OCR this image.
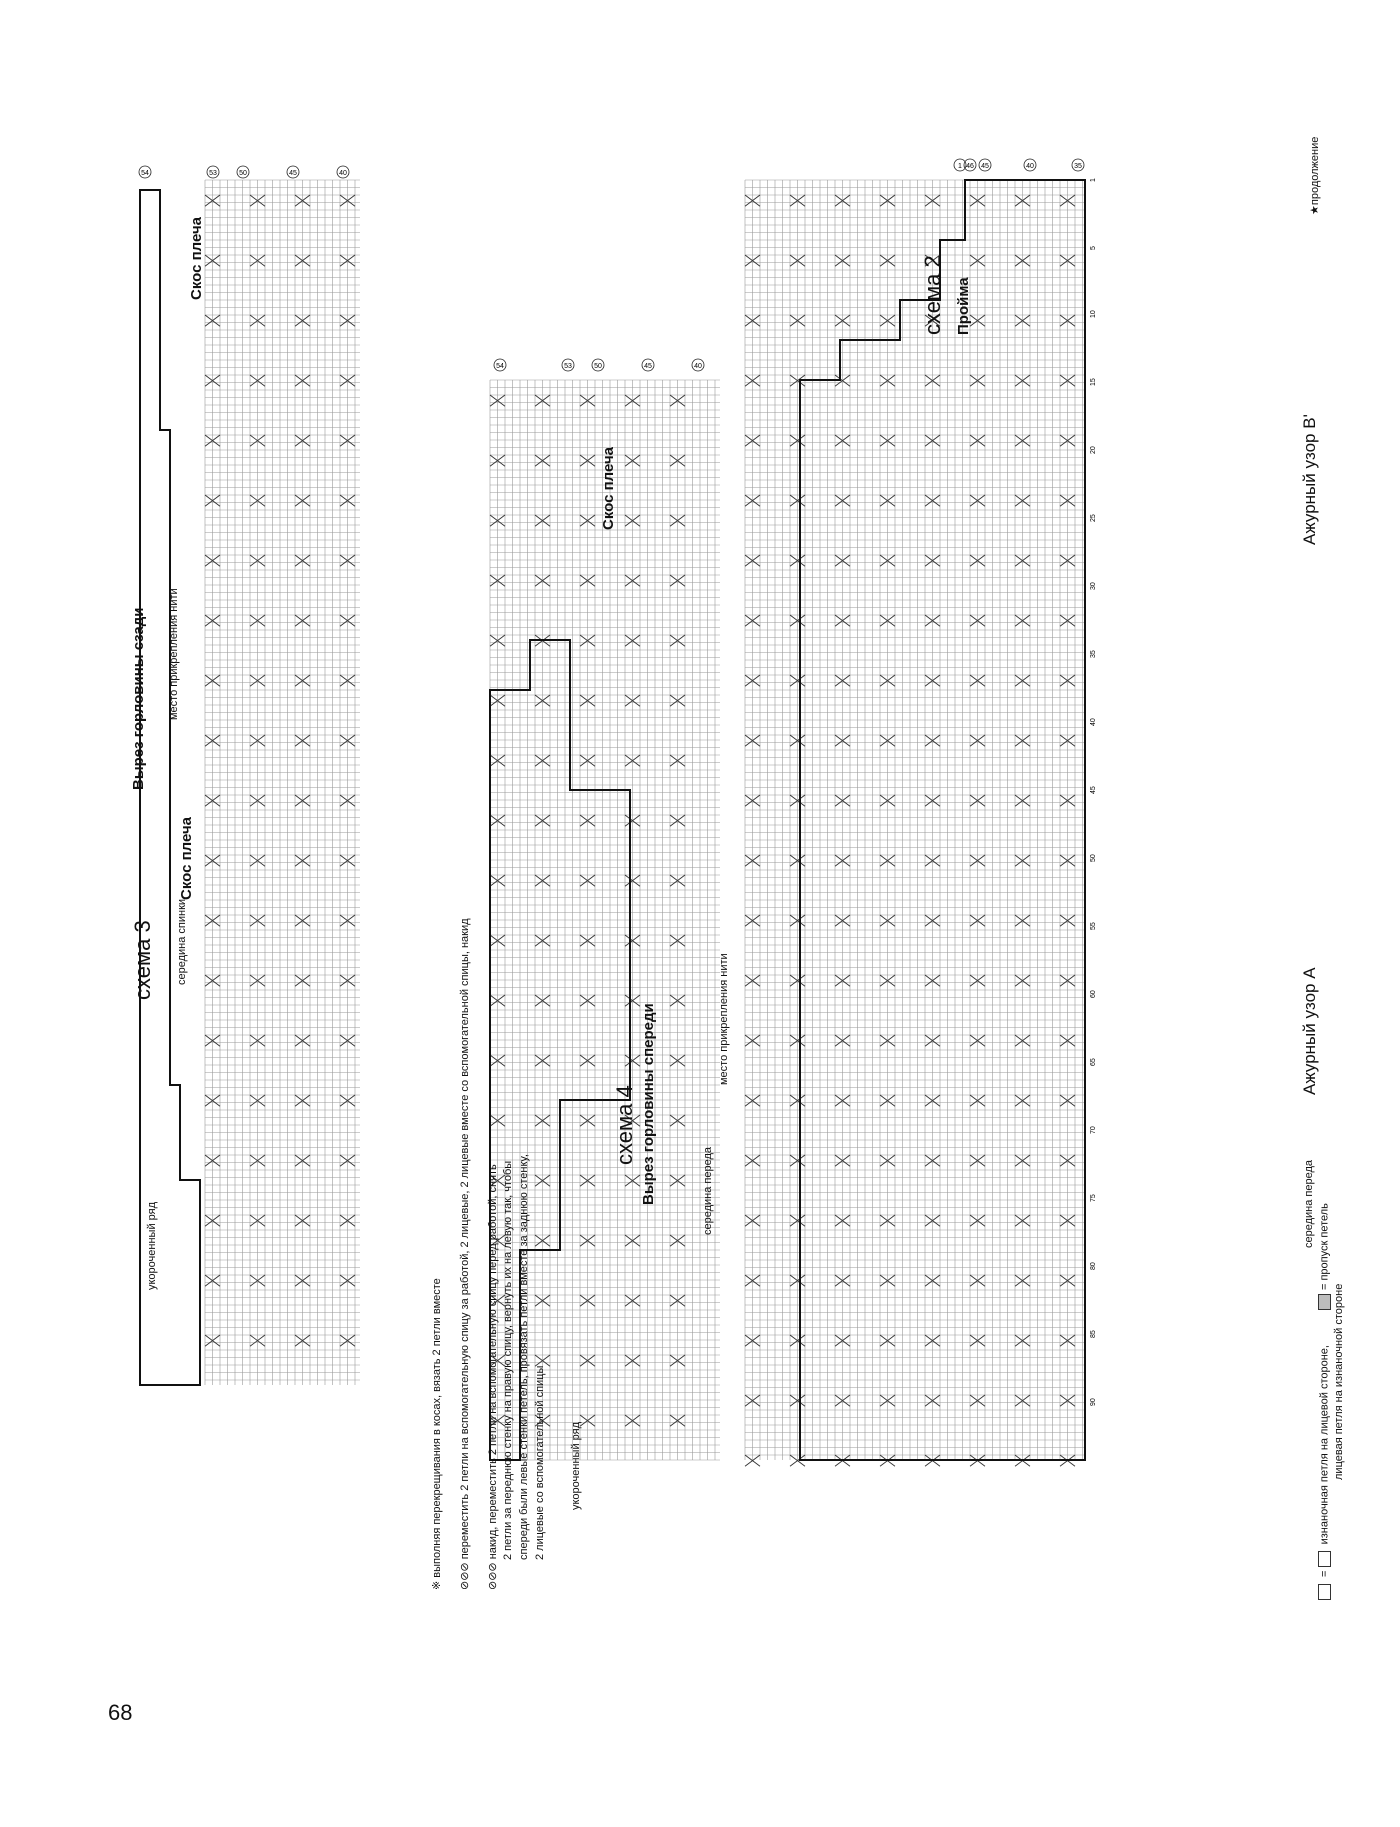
54	53	50	45	40
54	53	50	45	40
1 46 45	40	35
1
5
10
15
20
25
30
35
40
45
50
55
60
65
70
75
80
85
90
схема 3
Вырез горловины сзади
Скос плеча
Скос плеча
укороченный ряд
середина спинки
место прикрепления нити
схема 4 Вырез горловины спереди
Скос плеча
укороченный ряд
середина переда
место прикрепления нити
схема 2 Пройма
Ажурный узор А
Ажурный узор B'
середина переда
★продолжение
※ выполняя перекрещивания в косах, вязать 2 петли вместе ⊘⊘⊘ переместить 2 петли на вспомогательную спицу за работой, 2 лицевые, 2 лицевые вместе со вспомогательной спицы, накид
⊘⊘⊘ накид, переместить 2 петли на вспомогательную спицу перед работой, снять 2 петли за переднюю стенку на правую спицу, вернуть их на левую так, чтобы спереди были левые стенки петель, провязать петли вместе за заднюю стенку, 2 лицевые со вспомогательной спицы
=  изнаночная петля на лицевой стороне, лицевая петля на изнаночной стороне
= пропуск петель
68
